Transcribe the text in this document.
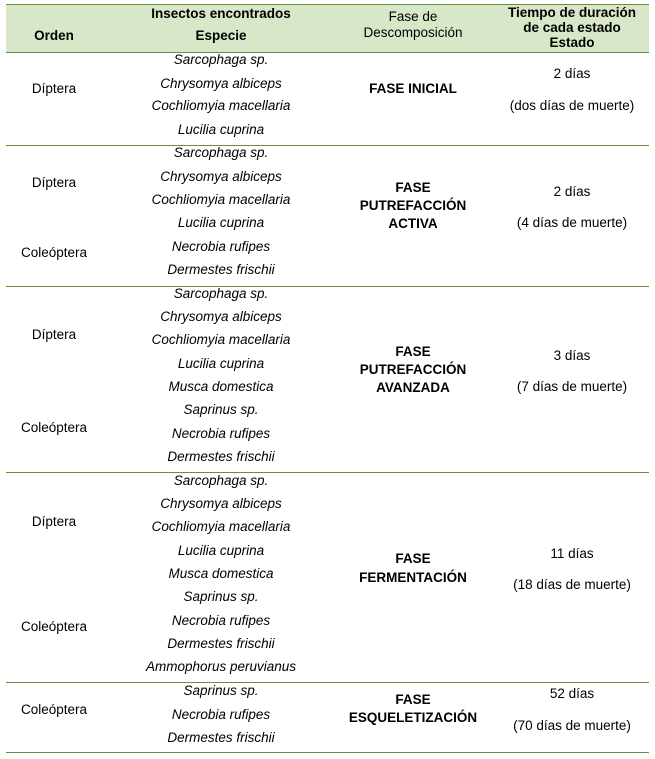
Orden
Insectos encontrados
Especie
Fase de
Descomposición
Tiempo de duración
de cada estado
Estado
Díptera
Sarcophaga sp.
Chrysomya albiceps
Cochliomyia macellaria
Lucilia cuprina
FASE INICIAL
2 días
(dos días de muerte)
Díptera
Coleóptera
Sarcophaga sp.
Chrysomya albiceps
Cochliomyia macellaria
Lucilia cuprina
Necrobia rufipes
Dermestes frischii
FASE
PUTREFACCIÓN
ACTIVA
2 días
(4 días de muerte)
Díptera
Coleóptera
Sarcophaga sp.
Chrysomya albiceps
Cochliomyia macellaria
Lucilia cuprina
Musca domestica
Saprinus sp.
Necrobia rufipes
Dermestes frischii
FASE
PUTREFACCIÓN
AVANZADA
3 días
(7 días de muerte)
Díptera
Coleóptera
Sarcophaga sp.
Chrysomya albiceps
Cochliomyia macellaria
Lucilia cuprina
Musca domestica
Saprinus sp.
Necrobia rufipes
Dermestes frischii
Ammophorus peruvianus
FASE
FERMENTACIÓN
11 días
(18 días de muerte)
Coleóptera
Saprinus sp.
Necrobia rufipes
Dermestes frischii
FASE
ESQUELETIZACIÓN
52 días
(70 días de muerte)
